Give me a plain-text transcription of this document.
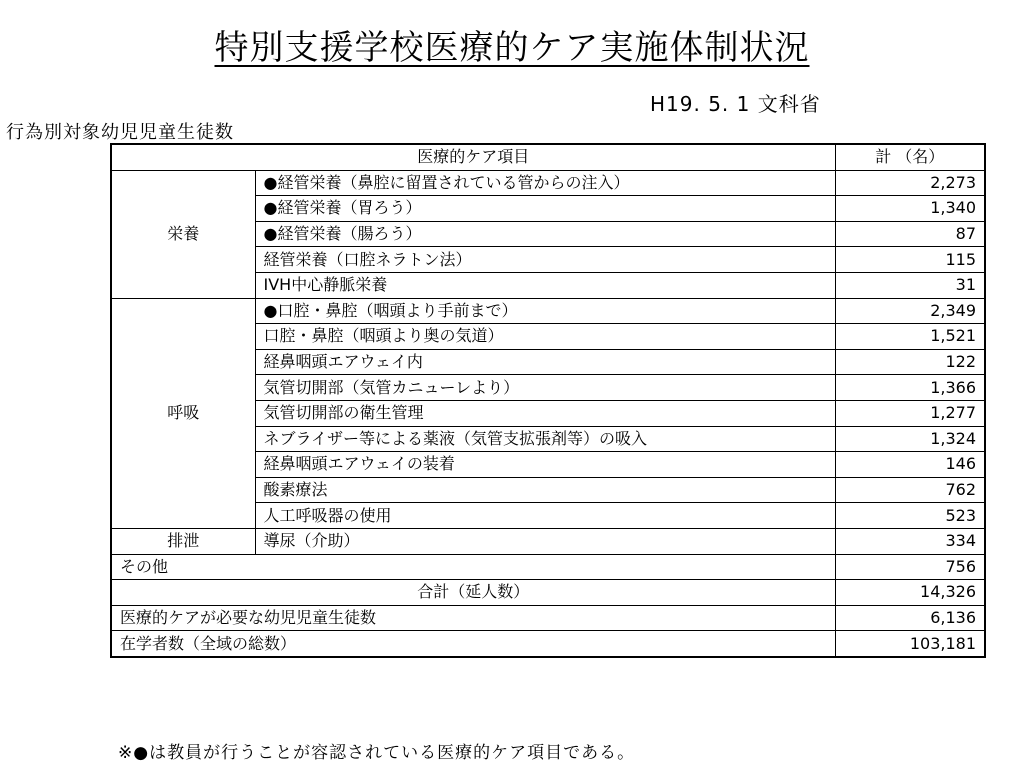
特別支援学校医療的ケア実施体制状況
H19. 5. 1 文科省
行為別対象幼児児童生徒数
医療的ケア項目		計 （名）
栄養	●経管栄養（鼻腔に留置されている管からの注入）	2,273
	●経管栄養（胃ろう）	1,340
	●経管栄養（腸ろう）	87
	経管栄養（口腔ネラトン法）	115
	IVH中心静脈栄養	31
呼吸	●口腔・鼻腔（咽頭より手前まで）	2,349
	口腔・鼻腔（咽頭より奥の気道）	1,521
	経鼻咽頭エアウェイ内	122
	気管切開部（気管カニューレより）	1,366
	気管切開部の衛生管理	1,277
	ネブライザー等による薬液（気管支拡張剤等）の吸入	1,324
	経鼻咽頭エアウェイの装着	146
	酸素療法	762
	人工呼吸器の使用	523
排泄	導尿（介助）	334
その他		756
合計（延人数）		14,326
医療的ケアが必要な幼児児童生徒数		6,136
在学者数（全域の総数）		103,181
※●は教員が行うことが容認されている医療的ケア項目である。
